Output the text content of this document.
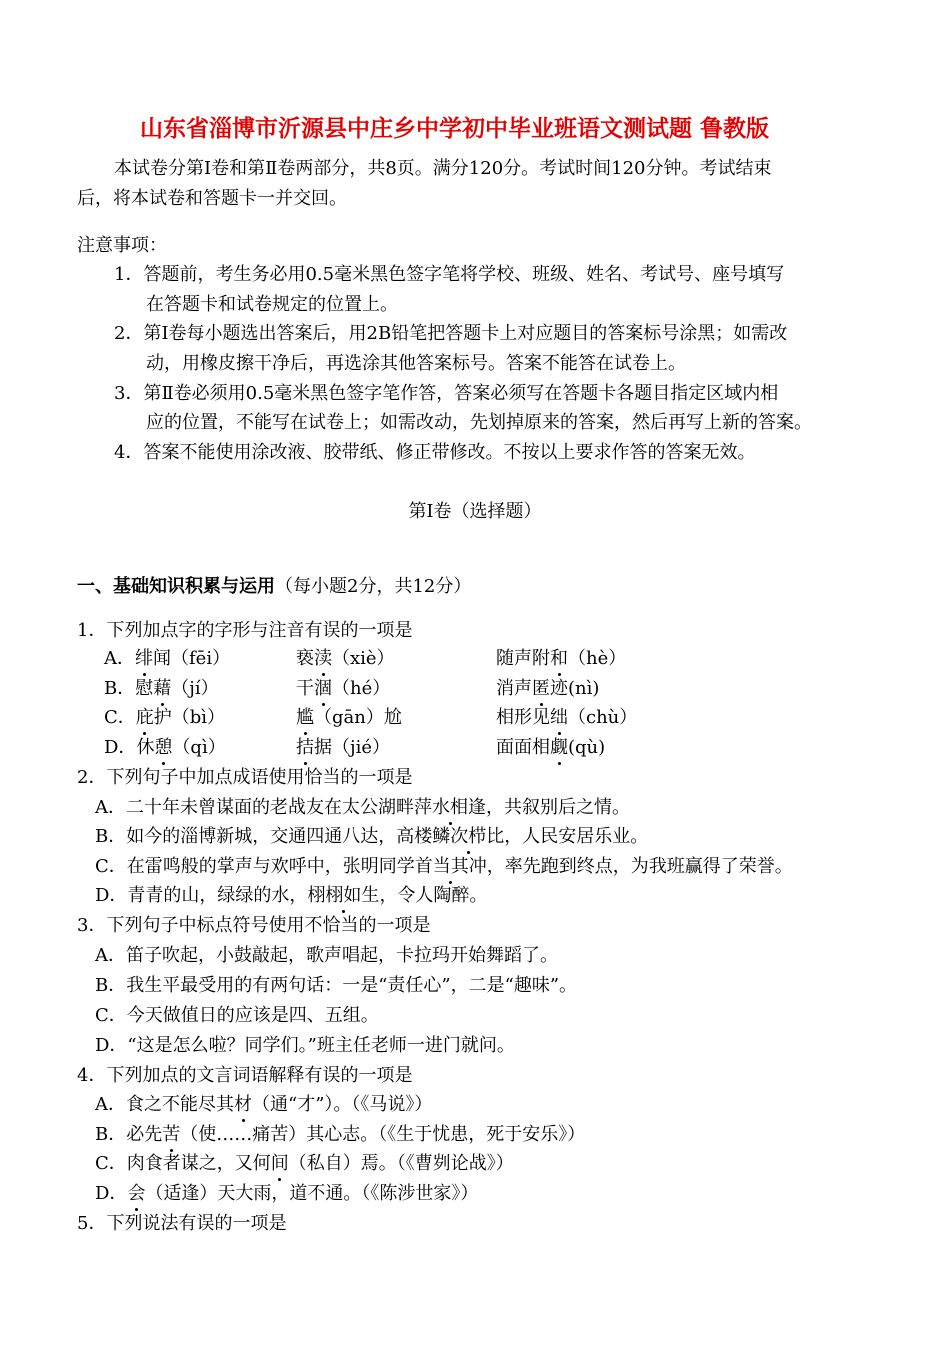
山东省淄博市沂源县中庄乡中学初中毕业班语文测试题 鲁教版
本试卷分第Ⅰ卷和第Ⅱ卷两部分，共8页。满分120分。考试时间120分钟。考试结束
后，将本试卷和答题卡一并交回。
注意事项：
1．答题前，考生务必用0.5毫米黑色签字笔将学校、班级、姓名、考试号、座号填写
在答题卡和试卷规定的位置上。
2．第Ⅰ卷每小题选出答案后，用2B铅笔把答题卡上对应题目的答案标号涂黑；如需改
动，用橡皮擦干净后，再选涂其他答案标号。答案不能答在试卷上。
3．第Ⅱ卷必须用0.5毫米黑色签字笔作答，答案必须写在答题卡各题目指定区域内相
应的位置，不能写在试卷上；如需改动，先划掉原来的答案，然后再写上新的答案。
4．答案不能使用涂改液、胶带纸、修正带修改。不按以上要求作答的答案无效。
第Ⅰ卷（选择题）
一、基础知识积累与运用（每小题2分，共12分）
1．下列加点字的字形与注音有误的一项是
A．绯闻（fēi）	亵渎（xiè）	随声附和（hè）
B．慰藉（jí）	干涸（hé）	消声匿迹(nì)
C．庇护（bì）	尴（gān）尬	相形见绌（chù）
D．休憩（qì）	拮据（jié）	面面相觑(qù)
2．下列句子中加点成语使用恰当的一项是
A．二十年未曾谋面的老战友在太公湖畔萍水相逢，共叙别后之情。
B．如今的淄博新城，交通四通八达，高楼鳞次栉比，人民安居乐业。
C．在雷鸣般的掌声与欢呼中，张明同学首当其冲，率先跑到终点，为我班赢得了荣誉。
D．青青的山，绿绿的水，栩栩如生，令人陶醉。
3．下列句子中标点符号使用不恰当的一项是
A．笛子吹起，小鼓敲起，歌声唱起，卡拉玛开始舞蹈了。
B．我生平最受用的有两句话：一是“责任心”，二是“趣味”。
C．今天做值日的应该是四、五组。
D．“这是怎么啦？同学们。”班主任老师一进门就问。
4．下列加点的文言词语解释有误的一项是
A．食之不能尽其材（通“才”）。（《马说》）
B．必先苦（使……痛苦）其心志。（《生于忧患，死于安乐》）
C．肉食者谋之，又何间（私自）焉。（《曹刿论战》）
D．会（适逢）天大雨，道不通。（《陈涉世家》）
5．下列说法有误的一项是
